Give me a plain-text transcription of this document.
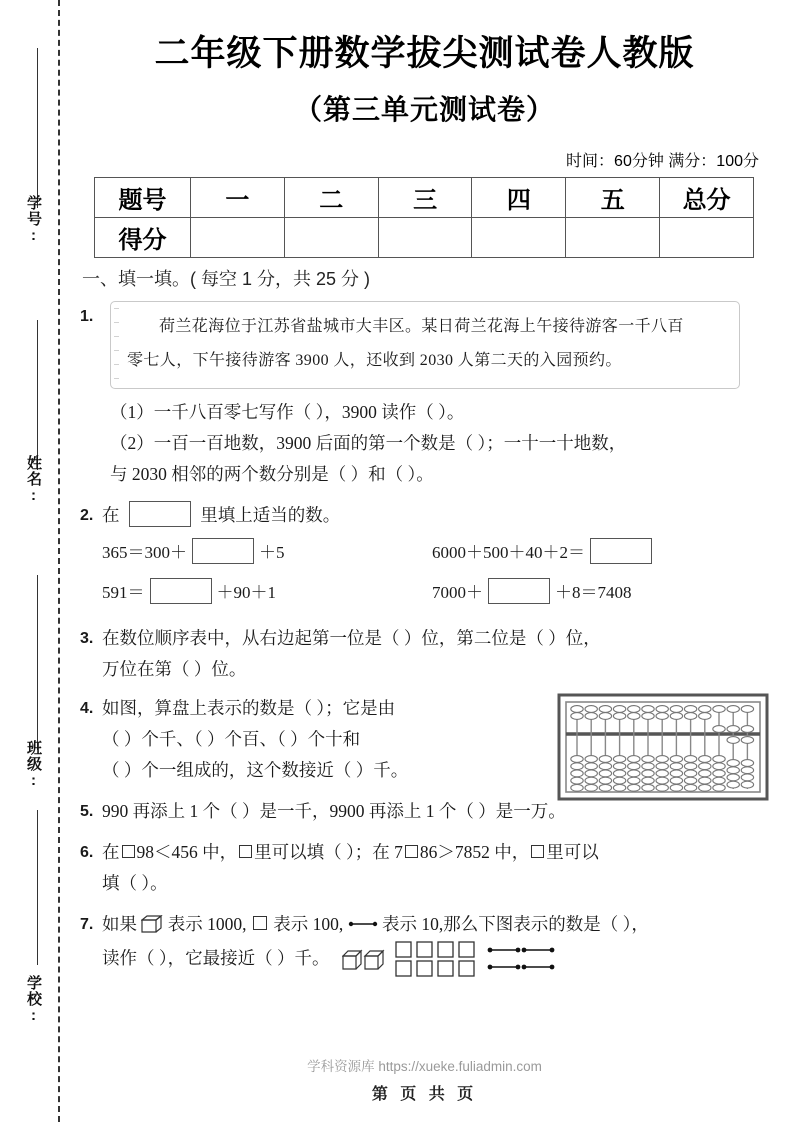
学号:
姓名:
班级:
学校:
二年级下册数学拔尖测试卷人教版
（第三单元测试卷）
时间：60分钟 满分：100分
题号	一	二	三	四	五	总分
得分						
一、填一填。( 每空 1 分，共 25 分 )
1.

荷兰花海位于江苏省盐城市大丰区。某日荷兰花海上午接待游客一千八百

零七人，下午接待游客 3900 人，还收到 2030 人第二天的入园预约。

（1）一千八百零七写作（ ），3900 读作（ ）。
（2）一百一百地数，3900 后面的第一个数是（ ）；一十一十地数，
与 2030 相邻的两个数分别是（ ）和（ ）。
2. 在	里填上适当的数。
365＝300＋	＋5	6000＋500＋40＋2＝
591＝	＋90＋1	7000＋	＋8＝7408
3. 在数位顺序表中，从右边起第一位是（ ）位，第二位是（ ）位，
万位在第（ ）位。
4. 如图，算盘上表示的数是（ ）；它是由
（ ）个千、（ ）个百、（ ）个十和
（ ）个一组成的，这个数接近（ ）千。
5. 990 再添上 1 个（ ）是一千，9900 再添上 1 个（ ）是一万。
6. 在 98＜456 中， 里可以填（ ）；在 7 86＞7852 中， 里可以
填（ ）。
7. 如果 表示 1000, 表示 100, 表示 10,那么下图表示的数是（ ），
读作（ ），它最接近（ ）千。
学科资源库 https://xueke.fuliadmin.com
第 页 共 页
